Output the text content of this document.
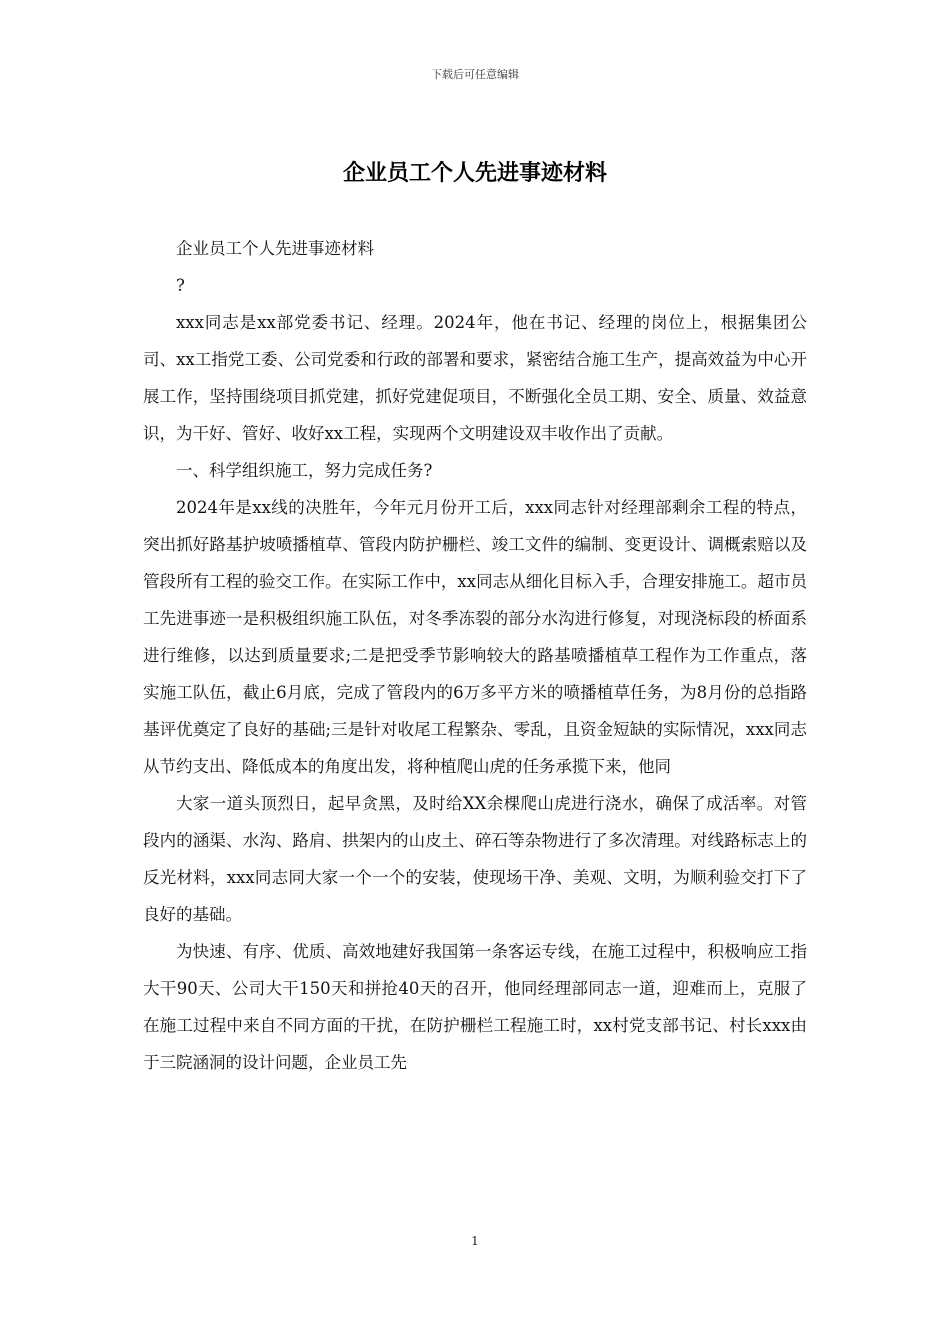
下载后可任意编辑
企业员工个人先进事迹材料

企业员工个人先进事迹材料

?

xxx同志是xx部党委书记、经理。2024年，他在书记、经理的岗位上，根据集团公司、xx工指党工委、公司党委和行政的部署和要求，紧密结合施工生产，提高效益为中心开展工作，坚持围绕项目抓党建，抓好党建促项目，不断强化全员工期、安全、质量、效益意识，为干好、管好、收好xx工程，实现两个文明建设双丰收作出了贡献。

一、科学组织施工，努力完成任务?

2024年是xx线的决胜年，今年元月份开工后，xxx同志针对经理部剩余工程的特点，突出抓好路基护坡喷播植草、管段内防护栅栏、竣工文件的编制、变更设计、调概索赔以及管段所有工程的验交工作。在实际工作中，xx同志从细化目标入手，合理安排施工。超市员工先进事迹一是积极组织施工队伍，对冬季冻裂的部分水沟进行修复，对现浇标段的桥面系进行维修，以达到质量要求;二是把受季节影响较大的路基喷播植草工程作为工作重点，落实施工队伍，截止6月底，完成了管段内的6万多平方米的喷播植草任务，为8月份的总指路基评优奠定了良好的基础;三是针对收尾工程繁杂、零乱，且资金短缺的实际情况，xxx同志从节约支出、降低成本的角度出发，将种植爬山虎的任务承揽下来，他同

大家一道头顶烈日，起早贪黑，及时给XX余棵爬山虎进行浇水，确保了成活率。对管段内的涵渠、水沟、路肩、拱架内的山皮土、碎石等杂物进行了多次清理。对线路标志上的反光材料，xxx同志同大家一个一个的安装，使现场干净、美观、文明，为顺利验交打下了良好的基础。

为快速、有序、优质、高效地建好我国第一条客运专线，在施工过程中，积极响应工指大干90天、公司大干150天和拼抢40天的召开，他同经理部同志一道，迎难而上，克服了在施工过程中来自不同方面的干扰，在防护栅栏工程施工时，xx村党支部书记、村长xxx由于三院涵洞的设计问题，企业员工先

1
